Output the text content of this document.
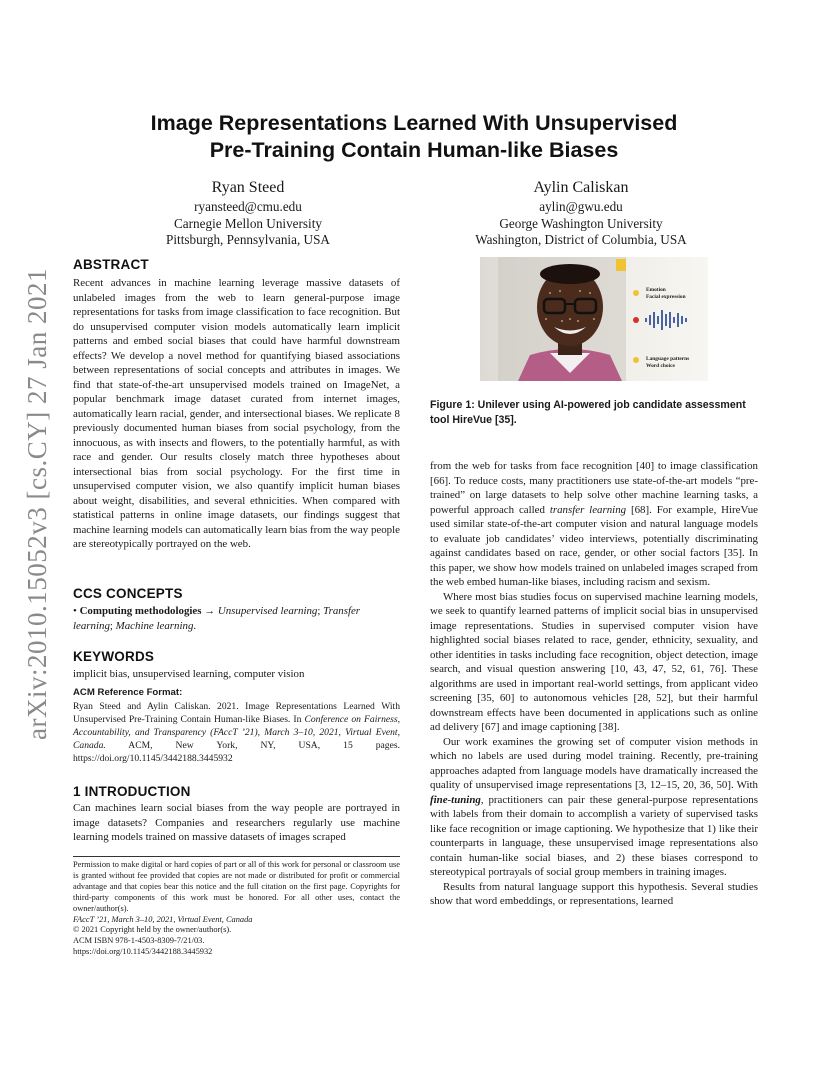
arXiv:2010.15052v3 [cs.CY] 27 Jan 2021
Image Representations Learned With Unsupervised
Pre-Training Contain Human-like Biases
Ryan Steed
ryansteed@cmu.edu
Carnegie Mellon University
Pittsburgh, Pennsylvania, USA
Aylin Caliskan
aylin@gwu.edu
George Washington University
Washington, District of Columbia, USA
ABSTRACT

Recent advances in machine learning leverage massive datasets of unlabeled images from the web to learn general-purpose image representations for tasks from image classification to face recognition. But do unsupervised computer vision models automatically learn implicit patterns and embed social biases that could have harmful downstream effects? We develop a novel method for quantifying biased associations between representations of social concepts and attributes in images. We find that state-of-the-art unsupervised models trained on ImageNet, a popular benchmark image dataset curated from internet images, automatically learn racial, gender, and intersectional biases. We replicate 8 previously documented human biases from social psychology, from the innocuous, as with insects and flowers, to the potentially harmful, as with race and gender. Our results closely match three hypotheses about intersectional bias from social psychology. For the first time in unsupervised computer vision, we also quantify implicit human biases about weight, disabilities, and several ethnicities. When compared with statistical patterns in online image datasets, our findings suggest that machine learning models can automatically learn bias from the way people are stereotypically portrayed on the web.

CCS CONCEPTS

• Computing methodologies → Unsupervised learning; Transfer learning; Machine learning.

KEYWORDS

implicit bias, unsupervised learning, computer vision

ACM Reference Format:

Ryan Steed and Aylin Caliskan. 2021. Image Representations Learned With Unsupervised Pre-Training Contain Human-like Biases. In Conference on Fairness, Accountability, and Transparency (FAccT ’21), March 3–10, 2021, Virtual Event, Canada. ACM, New York, NY, USA, 15 pages. https://doi.org/10.1145/3442188.3445932

1 INTRODUCTION

Can machines learn social biases from the way people are portrayed in image datasets? Companies and researchers regularly use machine learning models trained on massive datasets of images scraped

Permission to make digital or hard copies of part or all of this work for personal or classroom use is granted without fee provided that copies are not made or distributed for profit or commercial advantage and that copies bear this notice and the full citation on the first page. Copyrights for third-party components of this work must be honored. For all other uses, contact the owner/author(s).
FAccT ’21, March 3–10, 2021, Virtual Event, Canada
© 2021 Copyright held by the owner/author(s).
ACM ISBN 978-1-4503-8309-7/21/03.
https://doi.org/10.1145/3442188.3445932
Emotion
Facial expression
Language patterns
Word choice
Figure 1: Unilever using AI-powered job candidate assessment tool HireVue [35].

from the web for tasks from face recognition [40] to image classification [66]. To reduce costs, many practitioners use state-of-the-art models “pre-trained” on large datasets to help solve other machine learning tasks, a powerful approach called transfer learning [68]. For example, HireVue used similar state-of-the-art computer vision and natural language models to evaluate job candidates’ video interviews, potentially discriminating against candidates based on race, gender, or other social factors [35]. In this paper, we show how models trained on unlabeled images scraped from the web embed human-like biases, including racism and sexism.

Where most bias studies focus on supervised machine learning models, we seek to quantify learned patterns of implicit social bias in unsupervised image representations. Studies in supervised computer vision have highlighted social biases related to race, gender, ethnicity, sexuality, and other identities in tasks including face recognition, object detection, image search, and visual question answering [10, 43, 47, 52, 61, 76]. These algorithms are used in important real-world settings, from applicant video screening [35, 60] to autonomous vehicles [28, 52], but their harmful downstream effects have been documented in applications such as online ad delivery [67] and image captioning [38].

Our work examines the growing set of computer vision methods in which no labels are used during model training. Recently, pre-training approaches adapted from language models have dramatically increased the quality of unsupervised image representations [3, 12–15, 20, 36, 50]. With fine-tuning, practitioners can pair these general-purpose representations with labels from their domain to accomplish a variety of supervised tasks like face recognition or image captioning. We hypothesize that 1) like their counterparts in language, these unsupervised image representations also contain human-like social biases, and 2) these biases correspond to stereotypical portrayals of social group members in training images.

Results from natural language support this hypothesis. Several studies show that word embeddings, or representations, learned
